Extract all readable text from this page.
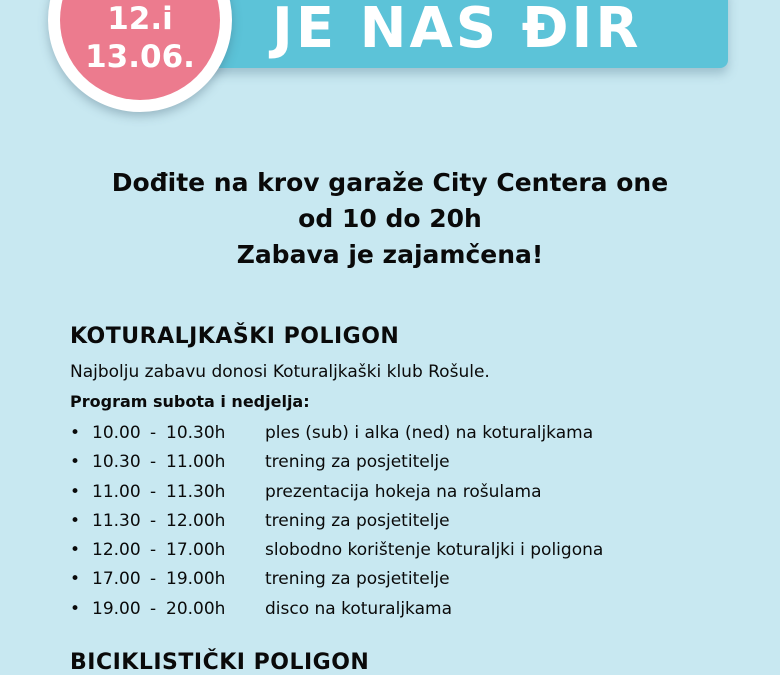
JE NAS ĐIR
12.i
13.06.
Dođite na krov garaže City Centera one
od 10 do 20h
Zabava je zajamčena!
KOTURALJKAŠKI POLIGON
Najbolju zabavu donosi Koturaljkaški klub Rošule.
Program subota i nedjelja:
• 10.00 - 10.30h ples (sub) i alka (ned) na koturaljkama
• 10.30 - 11.00h trening za posjetitelje
• 11.00 - 11.30h prezentacija hokeja na rošulama
• 11.30 - 12.00h trening za posjetitelje
• 12.00 - 17.00h slobodno korištenje koturaljki i poligona
• 17.00 - 19.00h trening za posjetitelje
• 19.00 - 20.00h disco na koturaljkama
BICIKLISTIČKI POLIGON
